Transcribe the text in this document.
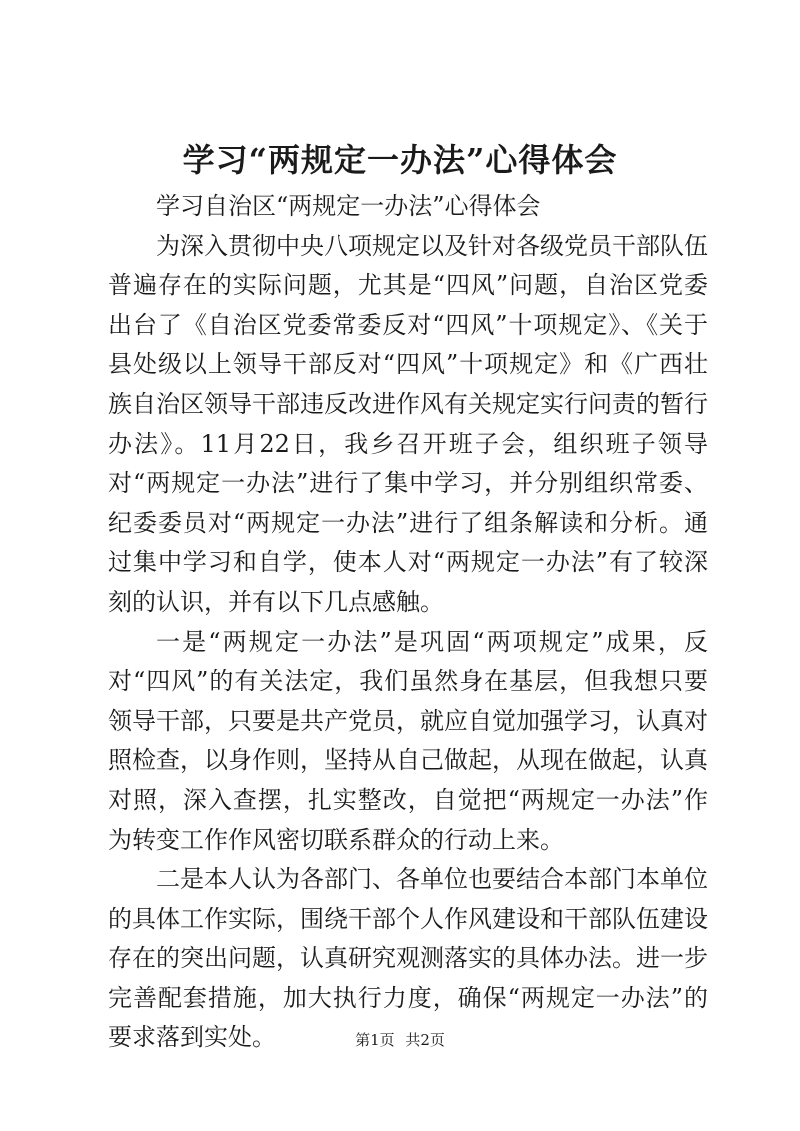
学习“两规定一办法”心得体会

学习自治区“两规定一办法”心得体会

为深入贯彻中央八项规定以及针对各级党员干部队伍普遍存在的实际问题，尤其是“四风”问题，自治区党委出台了《自治区党委常委反对“四风”十项规定》、《关于县处级以上领导干部反对“四风”十项规定》和《广西壮族自治区领导干部违反改进作风有关规定实行问责的暂行办法》。11月22日，我乡召开班子会，组织班子领导对“两规定一办法”进行了集中学习，并分别组织常委、纪委委员对“两规定一办法”进行了组条解读和分析。通过集中学习和自学，使本人对“两规定一办法”有了较深刻的认识，并有以下几点感触。

一是“两规定一办法”是巩固“两项规定”成果，反对“四风”的有关法定，我们虽然身在基层，但我想只要领导干部，只要是共产党员，就应自觉加强学习，认真对照检查，以身作则，坚持从自己做起，从现在做起，认真对照，深入查摆，扎实整改，自觉把“两规定一办法”作为转变工作作风密切联系群众的行动上来。

二是本人认为各部门、各单位也要结合本部门本单位的具体工作实际，围绕干部个人作风建设和干部队伍建设存在的突出问题，认真研究观测落实的具体办法。进一步完善配套措施，加大执行力度，确保“两规定一办法”的要求落到实处。	第1页 共2页
